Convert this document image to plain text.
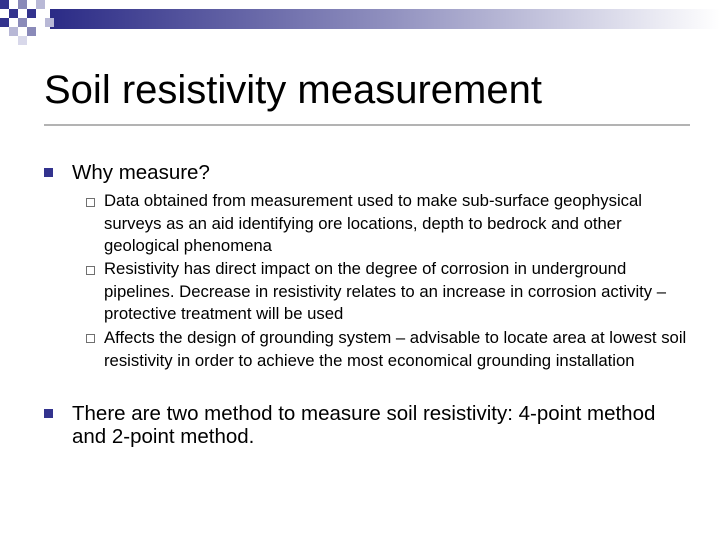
Soil resistivity measurement

Why measure?

Data obtained from measurement used to make sub-surface geophysical surveys as an aid identifying ore locations, depth to bedrock and other geological phenomena

Resistivity has direct impact on the degree of corrosion in underground pipelines. Decrease in resistivity relates to an increase in corrosion activity – protective treatment will be used

Affects the design of grounding system – advisable to locate area at lowest soil resistivity in order to achieve the most economical grounding installation

There are two method to measure soil resistivity: 4-point method and 2-point method.
